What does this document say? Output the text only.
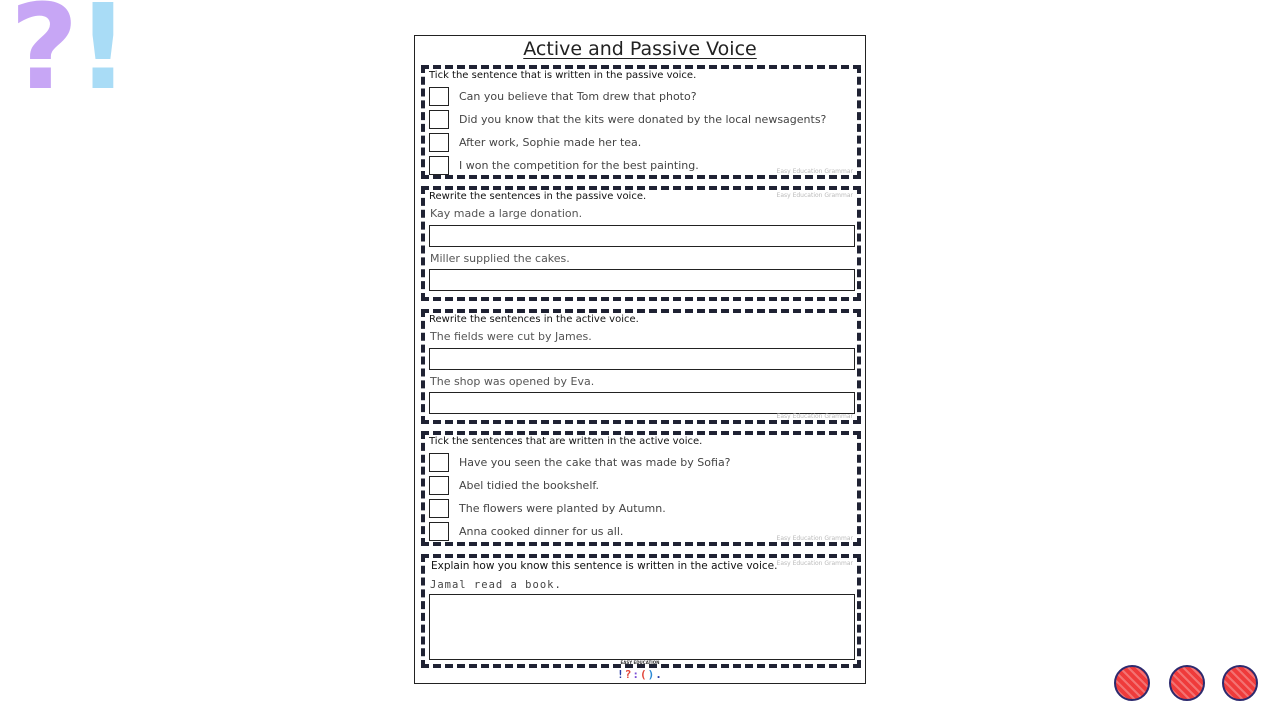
?
!	Active and Passive Voice
Tick the sentence that is written in the passive voice.
Can you believe that Tom drew that photo?
Did you know that the kits were donated by the local newsagents?
After work, Sophie made her tea.
I won the competition for the best painting.	Easy Education Grammar
Easy Education Grammar
Rewrite the sentences in the passive voice.
Kay made a large donation.
Miller supplied the cakes.
Rewrite the sentences in the active voice.
The fields were cut by James.
The shop was opened by Eva.
Easy Education Grammar
Tick the sentences that are written in the active voice.
Have you seen the cake that was made by Sofia?
Abel tidied the bookshelf.
The flowers were planted by Autumn.
Anna cooked dinner for us all.
Easy Education Grammar
Explain how you know this sentence is written in the active voice. Easy Education Grammar
Jamal read a book.
EASY EDUCATION
!?:().
